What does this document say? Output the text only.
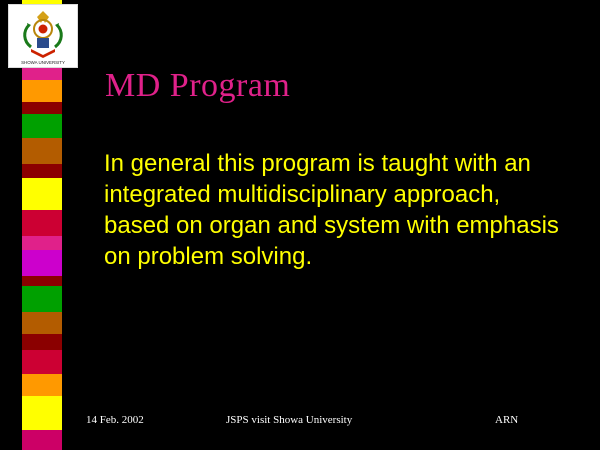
SHOWA UNIVERSITY
MD Program
In general this program is taught with an integrated multidisciplinary approach, based on organ and system with emphasis on problem solving.
14 Feb. 2002	JSPS visit Showa University	ARN
